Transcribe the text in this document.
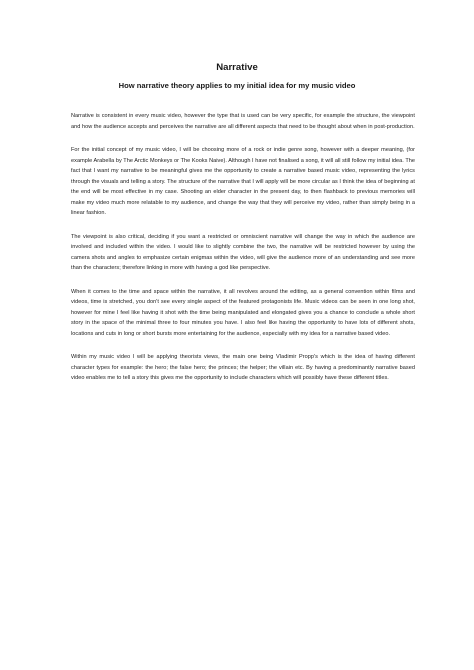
Narrative
How narrative theory applies to my initial idea for my music video

Narrative is consistent in every music video, however the type that is used can be very specific, for example the structure, the viewpoint and how the audience accepts and perceives the narrative are all different aspects that need to be thought about when in post-production.

For the initial concept of my music video, I will be choosing more of a rock or indie genre song, however with a deeper meaning, (for example Arabella by The Arctic Monkeys or The Kooks Naive). Although I have not finalised a song, it will all still follow my initial idea. The fact that I want my narrative to be meaningful gives me the opportunity to create a narrative based music video, representing the lyrics through the visuals and telling a story. The structure of the narrative that I will apply will be more circular as I think the idea of beginning at the end will be most effective in my case. Shooting an elder character in the present day, to then flashback to previous memories will make my video much more relatable to my audience, and change the way that they will perceive my video, rather than simply being in a linear fashion.

The viewpoint is also critical, deciding if you want a restricted or omniscient narrative will change the way in which the audience are involved and included within the video. I would like to slightly combine the two, the narrative will be restricted however by using the camera shots and angles to emphasize certain enigmas within the video, will give the audience more of an understanding and see more than the characters; therefore linking in more with having a god like perspective.

When it comes to the time and space within the narrative, it all revolves around the editing, as a general convention within films and videos, time is stretched, you don't see every single aspect of the featured protagonists life. Music videos can be seen in one long shot, however for mine I feel like having it shot with the time being manipulated and elongated gives you a chance to conclude a whole short story in the space of the minimal three to four minutes you have. I also feel like having the opportunity to have lots of different shots, locations and cuts in long or short bursts more entertaining for the audience, especially with my idea for a narrative based video.

Within my music video I will be applying theorists views, the main one being Vladimir Propp's which is the idea of having different character types for example: the hero; the false hero; the princes; the helper; the villain etc. By having a predominantly narrative based video enables me to tell a story this gives me the opportunity to include characters which will possibly have these different titles.
